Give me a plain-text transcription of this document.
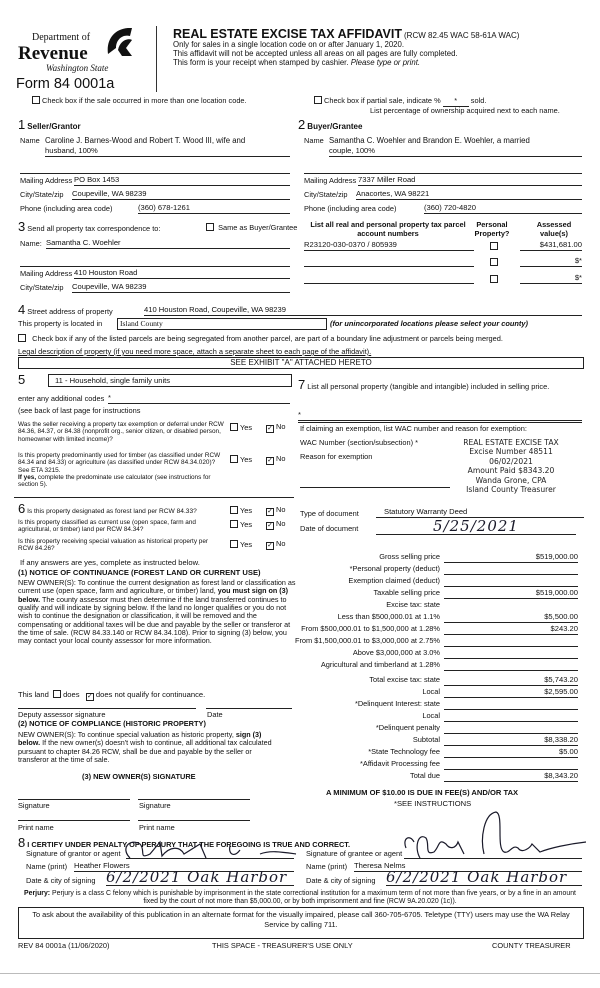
Department of
Revenue
Washington State
Form 84 0001a
REAL ESTATE EXCISE TAX AFFIDAVIT (RCW 82.45 WAC 58-61A WAC)
Only for sales in a single location code on or after January 1, 2020.
This affidavit will not be accepted unless all areas on all pages are fully completed.
This form is your receipt when stamped by cashier. Please type or print.
Check box if the sale occurred in more than one location code.	Check box if partial sale, indicate % * sold.
List percentage of ownership acquired next to each name.
1 Seller/Grantor
Name Caroline J. Barnes-Wood and Robert T. Wood III, wife and
husband, 100%
Mailing Address PO Box 1453
City/State/zip Coupeville, WA 98239
Phone (including area code)	(360) 678-1261
2 Buyer/Grantee
Name Samantha C. Woehler and Brandon E. Woehler, a married
couple, 100%
Mailing Address 7337 Miller Road
City/State/zip Anacortes, WA 98221
Phone (including area code)	(360) 720-4820
3 Send all property tax correspondence to:	Same as Buyer/Grantee
Name: Samantha C. Woehler
Mailing Address 410 Houston Road
City/State/zip Coupeville, WA 98239
List all real and personal property tax parcel account numbers
Personal Property?
Assessed value(s)
R23120-030-0370 / 805939	$431,681.00
$*
$*
4 Street address of property	410 Houston Road, Coupeville, WA 98239
This property is located in	Island County	(for unincorporated locations please select your county)
Check box if any of the listed parcels are being segregated from another parcel, are part of a boundary line adjustment or parcels being merged.
Legal description of property (if you need more space, attach a separate sheet to each page of the affidavit).
SEE EXHIBIT "A" ATTACHED HERETO
5	11 - Household, single family units
enter any additional codes *
(see back of last page for instructions
Was the seller receiving a property tax exemption or deferral under RCW 84.36, 84.37, or 84.38 (nonprofit org., senior citizen, or disabled person, homeowner with limited income)?
Yes ✓ No
Is this property predominantly used for timber (as classified under RCW 84.34 and 84.33) or agriculture (as classified under RCW 84.34.020)? See ETA 3215.
If yes, complete the predominate use calculator (see instructions for section 5).
Yes ✓ No
6 Is this property designated as forest land per RCW 84.33?	Yes ✓ No
Is this property classified as current use (open space, farm and agricultural, or timber) land per RCW 84.34?
Yes ✓ No
Is this property receiving special valuation as historical property per RCW 84.26?	Yes ✓ No
If any answers are yes, complete as instructed below.
(1) NOTICE OF CONTINUANCE (FOREST LAND OR CURRENT USE)
NEW OWNER(S): To continue the current designation as forest land or classification as current use (open space, farm and agriculture, or timber) land, you must sign on (3) below. The county assessor must then determine if the land transferred continues to qualify and will indicate by signing below. If the land no longer qualifies or you do not wish to continue the designation or classification, it will be removed and the compensating or additional taxes will be due and payable by the seller or transferor at the time of sale. (RCW 84.33.140 or RCW 84.34.108). Prior to signing (3) below, you may contact your local county assessor for more information.
This land does ✓ does not qualify for continuance.
Deputy assessor signature	Date
(2) NOTICE OF COMPLIANCE (HISTORIC PROPERTY)
NEW OWNER(S): To continue special valuation as historic property, sign (3) below. If the new owner(s) doesn't wish to continue, all additional tax calculated pursuant to chapter 84.26 RCW, shall be due and payable by the seller or transferor at the time of sale.
(3) NEW OWNER(S) SIGNATURE
Signature	Signature
Print name	Print name
7 List all personal property (tangible and intangible) included in selling price.
*
If claiming an exemption, list WAC number and reason for exemption:
WAC Number (section/subsection) *
Reason for exemption
REAL ESTATE EXCISE TAX
Excise Number 48511
06/02/2021
Amount Paid $8343.20
Wanda Grone, CPA
Island County Treasurer
Type of document	Statutory Warranty Deed
Date of document	5/25/2021
Gross selling price	$519,000.00
*Personal property (deduct)
Exemption claimed (deduct)
Taxable selling price	$519,000.00
Excise tax: state
Less than $500,000.01 at 1.1%	$5,500.00
From $500,000.01 to $1,500,000 at 1.28%	$243.20
From $1,500,000.01 to $3,000,000 at 2.75%
Above $3,000,000 at 3.0%
Agricultural and timberland at 1.28%
Total excise tax: state	$5,743.20
Local	$2,595.00
*Delinquent Interest: state
Local
*Delinquent penalty
Subtotal	$8,338.20
*State Technology fee	$5.00
*Affidavit Processing fee
Total due	$8,343.20
A MINIMUM OF $10.00 IS DUE IN FEE(S) AND/OR TAX
*SEE INSTRUCTIONS
8 I CERTIFY UNDER PENALTY OF PERJURY THAT THE FOREGOING IS TRUE AND CORRECT.
Signature of grantor or agent	Signature of grantee or agent
Name (print) Heather Flowers	Name (print) Theresa Nelms
Date & city of signing 6/2/2021 Oak Harbor	Date & city of signing 6/2/2021 Oak Harbor
Perjury: Perjury is a class C felony which is punishable by imprisonment in the state correctional institution for a maximum term of not more than five years, or by a fine in an amount fixed by the court of not more than $5,000.00, or by both imprisonment and fine (RCW 9A.20.020 (1c)).
To ask about the availability of this publication in an alternate format for the visually impaired, please call 360-705-6705. Teletype (TTY) users may use the WA Relay Service by calling 711.
REV 84 0001a (11/06/2020)	THIS SPACE - TREASURER'S USE ONLY	COUNTY TREASURER
